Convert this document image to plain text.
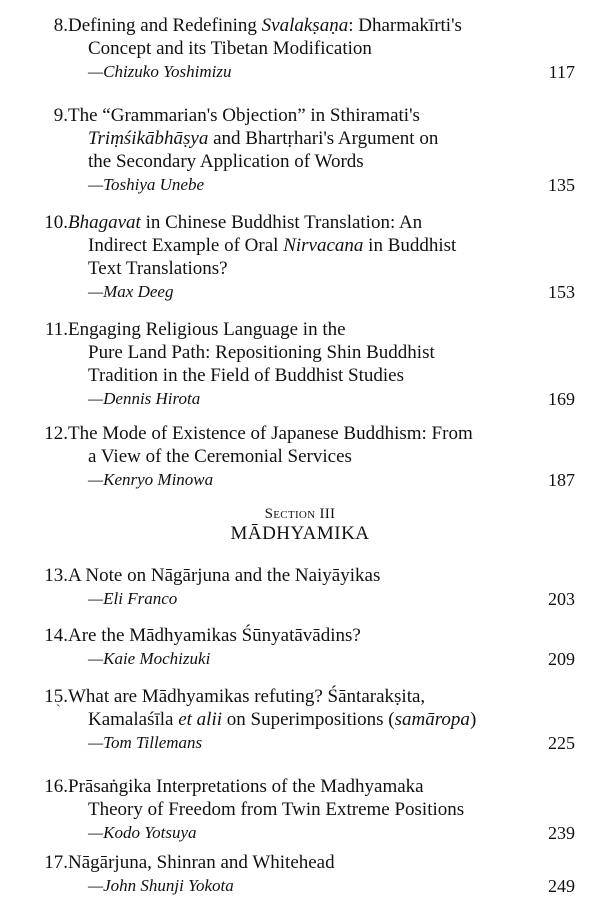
Section III
MĀDHYAMIKA
ˋ
8. Defining and Redefining Svalakṣaṇa: Dharmakīrti's
Concept and its Tibetan Modification
—Chizuko Yoshimizu	117
9. The “Grammarian's Objection” in Sthiramati's
Triṃśikābhāṣya and Bhartṛhari's Argument on
the Secondary Application of Words
—Toshiya Unebe	135
10. Bhagavat in Chinese Buddhist Translation: An
Indirect Example of Oral Nirvacana in Buddhist
Text Translations?
—Max Deeg	153
11. Engaging Religious Language in the
Pure Land Path: Repositioning Shin Buddhist
Tradition in the Field of Buddhist Studies
—Dennis Hirota	169
12. The Mode of Existence of Japanese Buddhism: From
a View of the Ceremonial Services
—Kenryo Minowa	187
13. A Note on Nāgārjuna and the Naiyāyikas
—Eli Franco	203
14. Are the Mādhyamikas Śūnyatāvādins?
—Kaie Mochizuki	209
15. What are Mādhyamikas refuting? Śāntarakṣita,
Kamalaśīla et alii on Superimpositions (samāropa)
—Tom Tillemans	225
16. Prāsaṅgika Interpretations of the Madhyamaka
Theory of Freedom from Twin Extreme Positions
—Kodo Yotsuya	239
17. Nāgārjuna, Shinran and Whitehead
—John Shunji Yokota	249
